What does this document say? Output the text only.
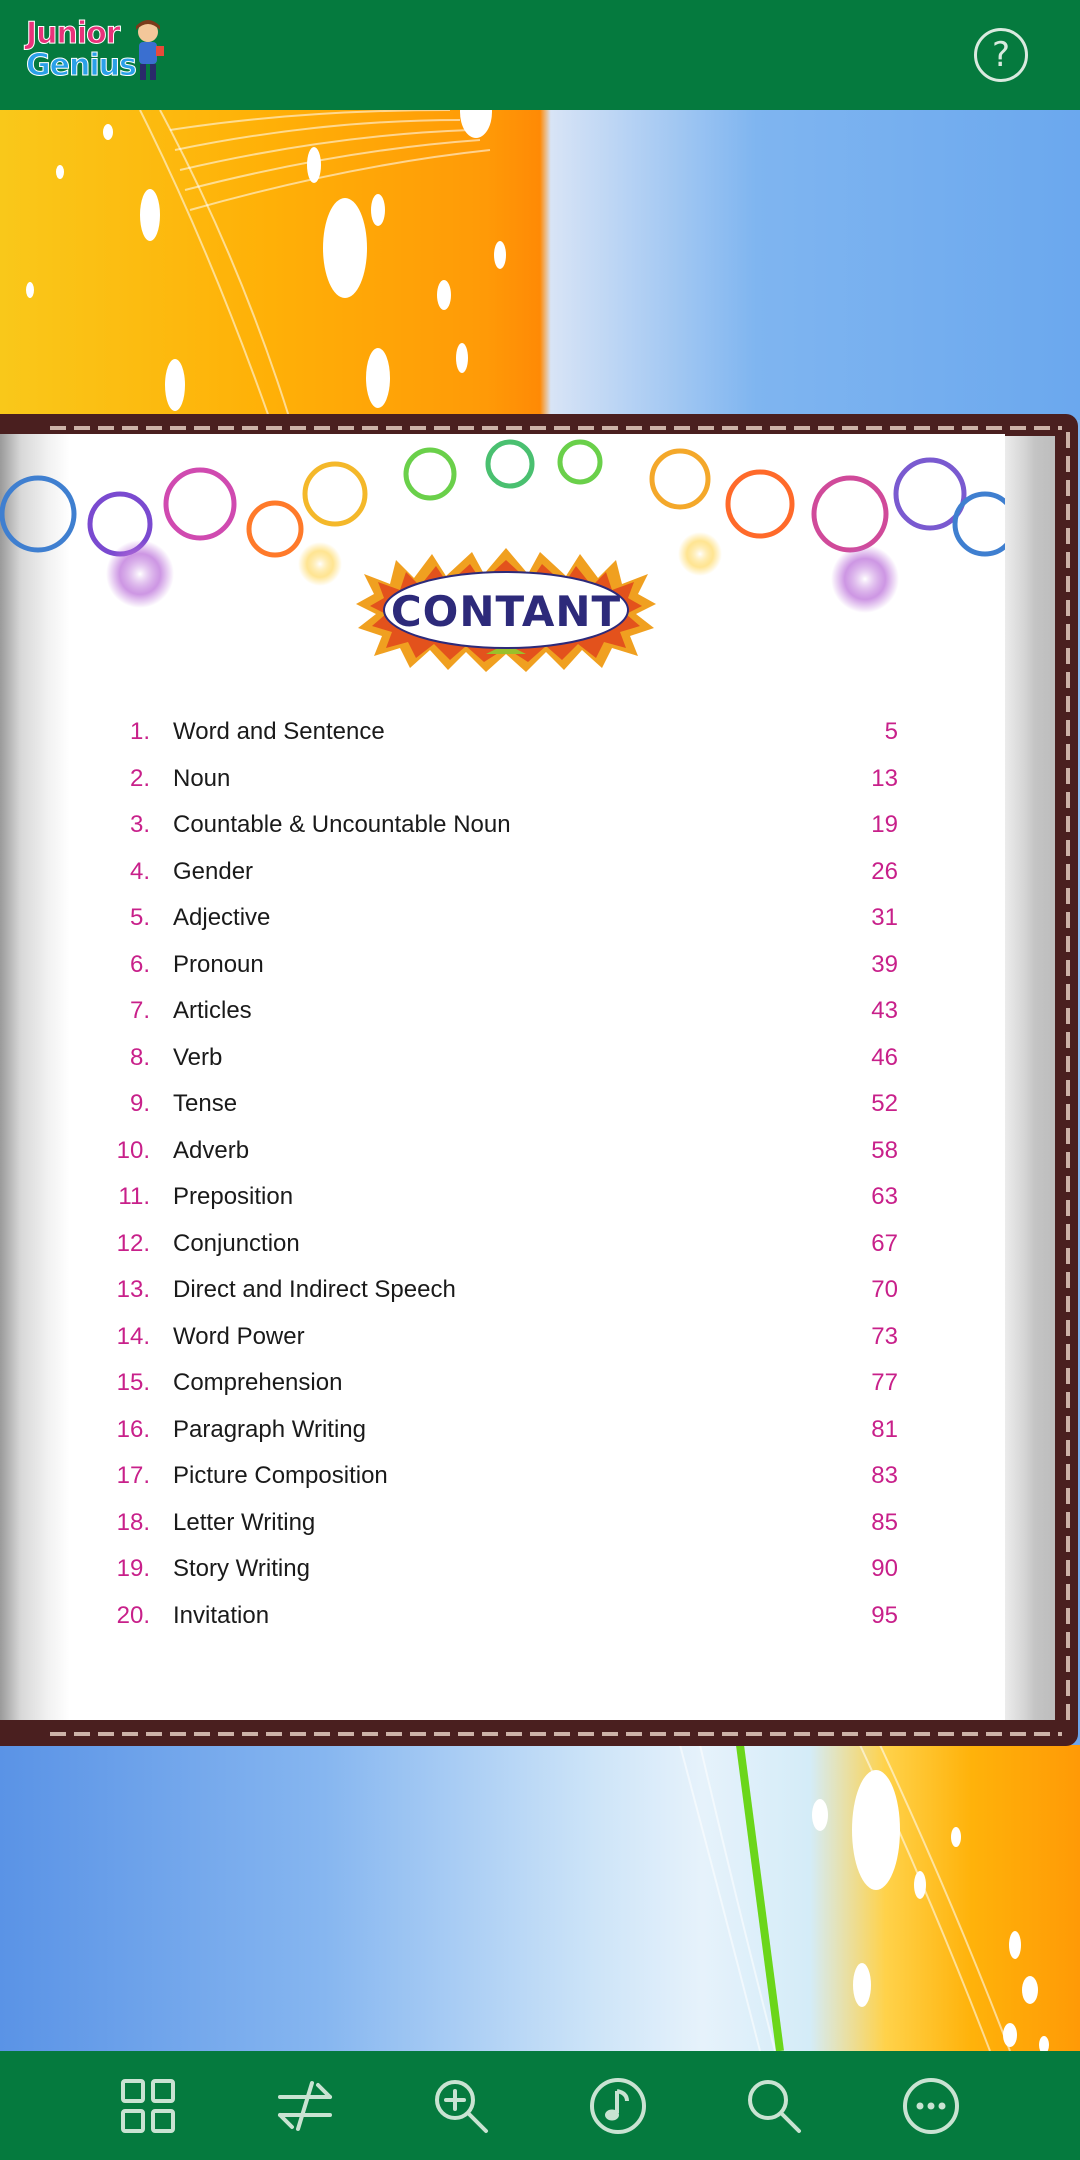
Junior
Genius	?
CONTANT
1. Word and Sentence	5
2. Noun	13
3. Countable & Uncountable Noun	19
4. Gender	26
5. Adjective	31
6. Pronoun	39
7. Articles	43
8. Verb	46
9. Tense	52
10. Adverb	58
11. Preposition	63
12. Conjunction	67
13. Direct and Indirect Speech	70
14. Word Power	73
15. Comprehension	77
16. Paragraph Writing	81
17. Picture Composition	83
18. Letter Writing	85
19. Story Writing	90
20. Invitation	95
